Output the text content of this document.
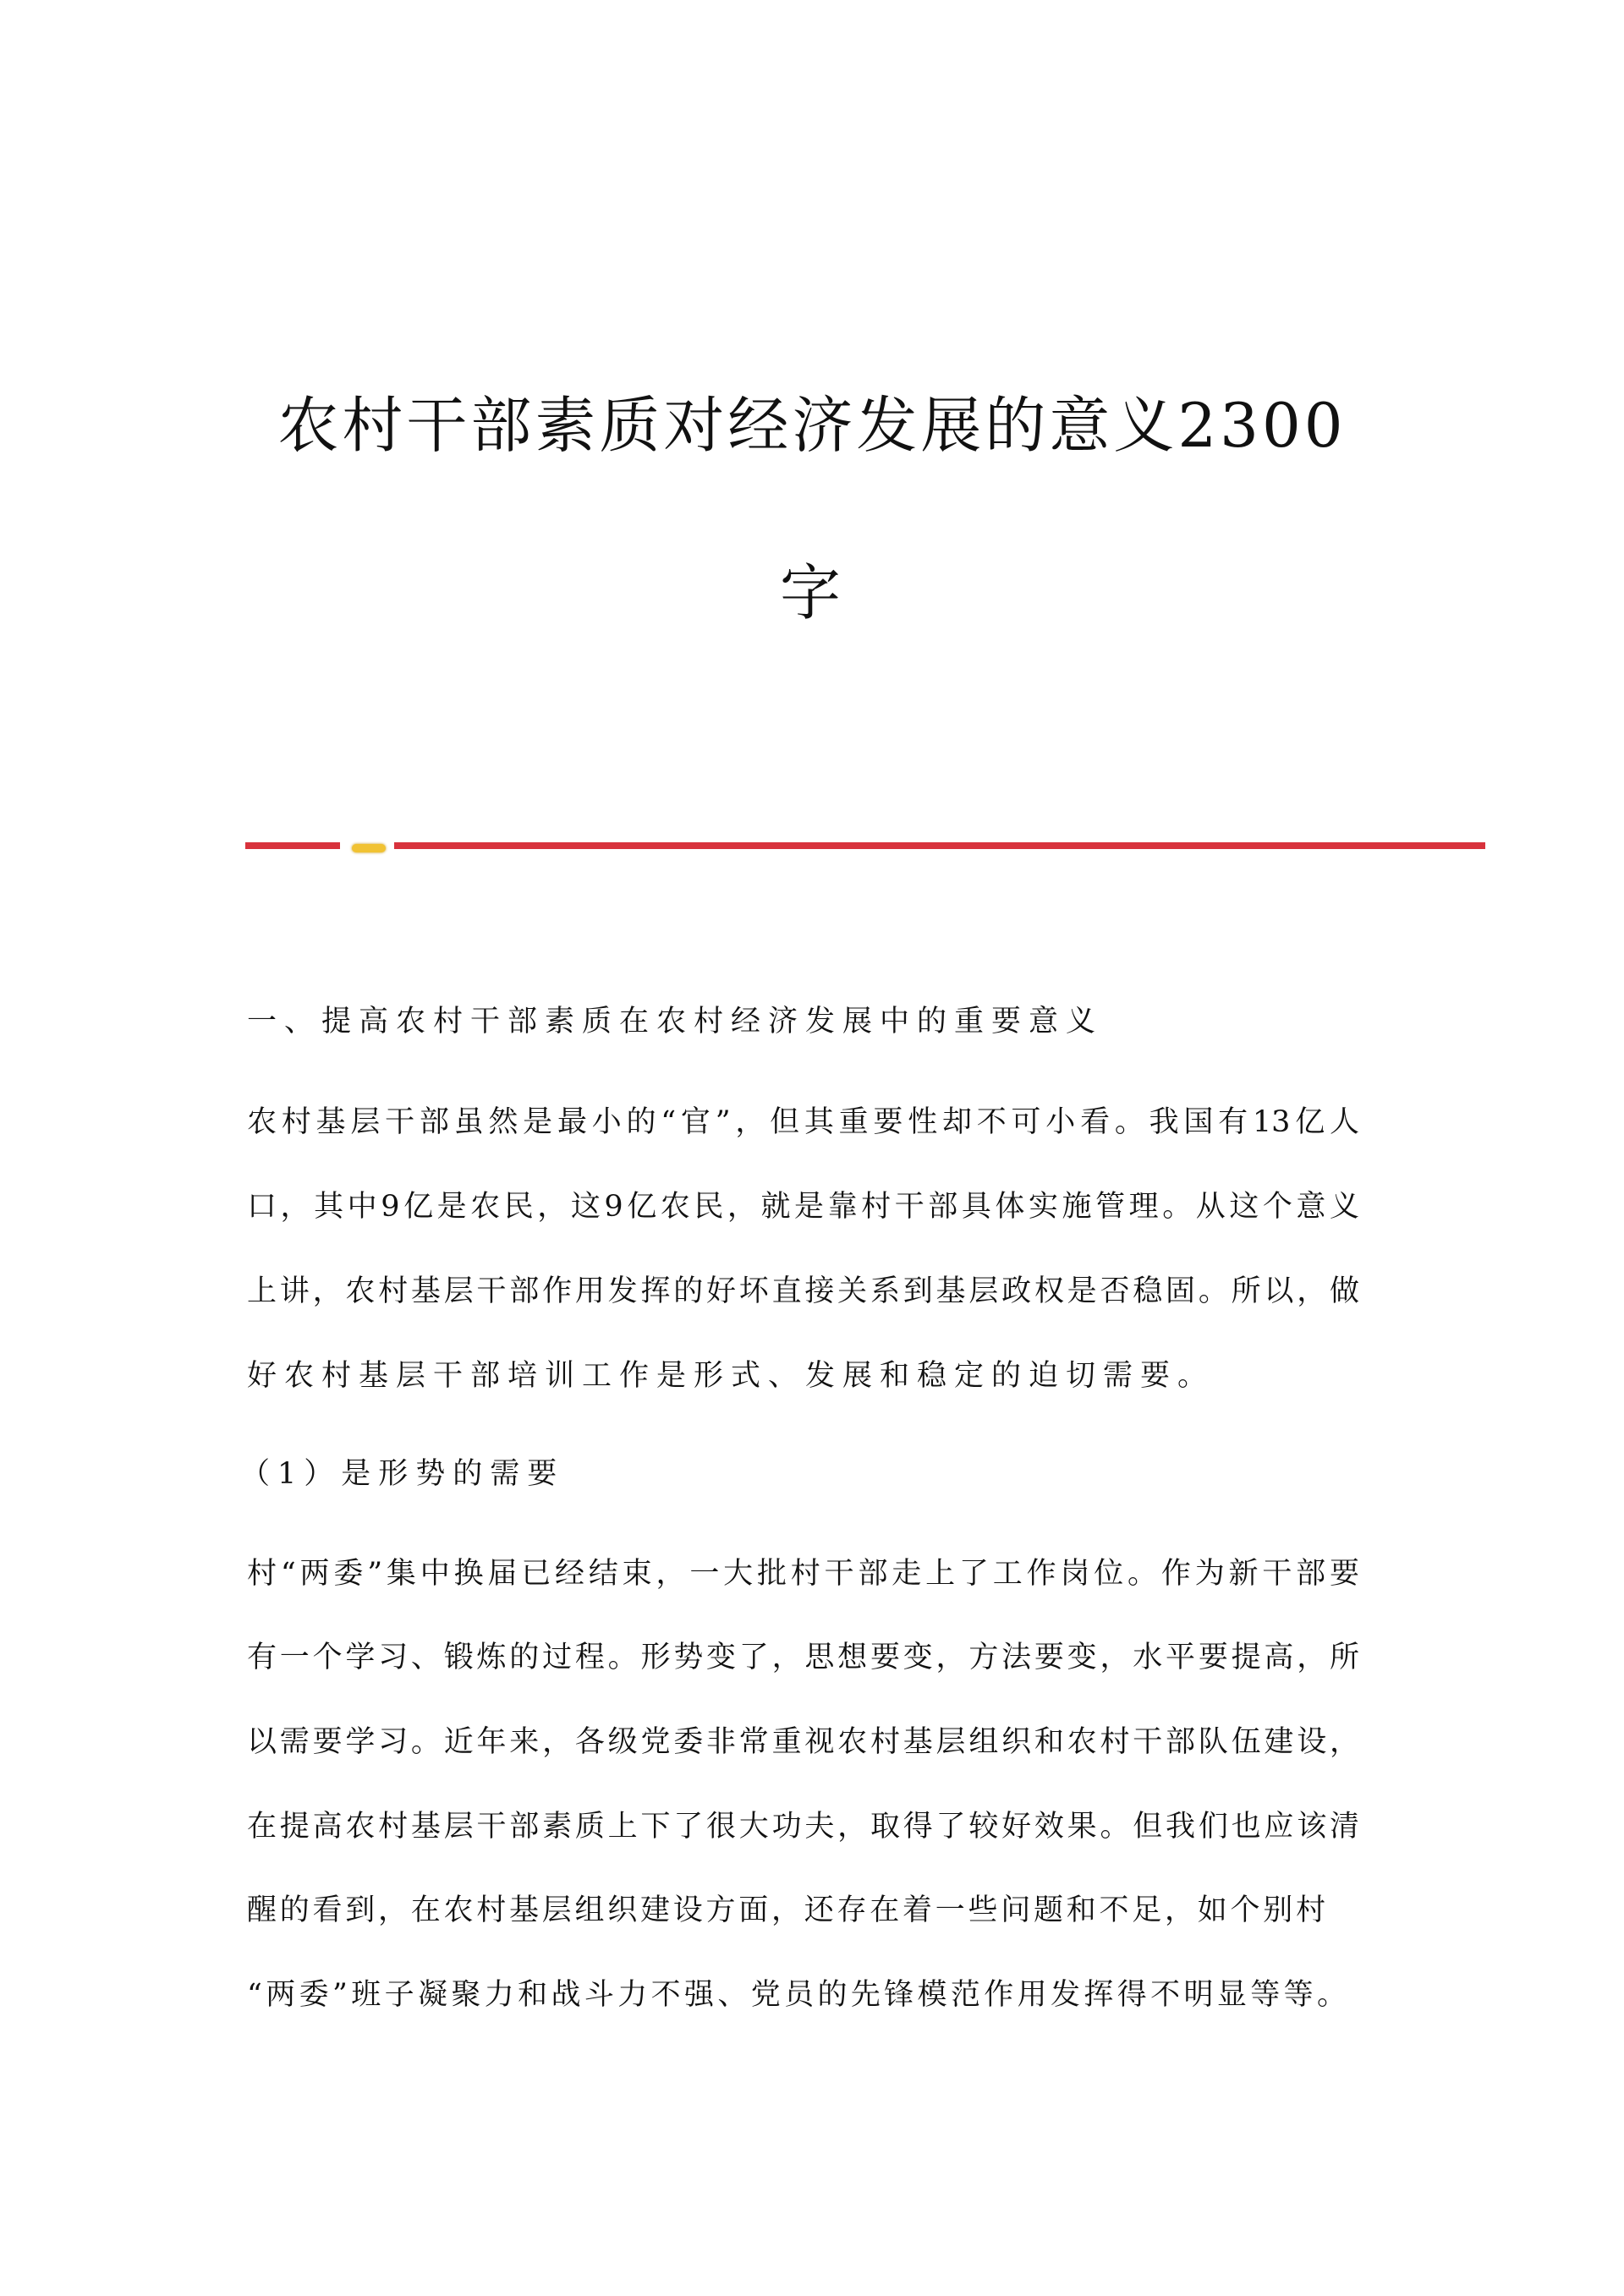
农村干部素质对经济发展的意义2300
字
一、提高农村干部素质在农村经济发展中的重要意义
农村基层干部虽然是最小的“官”，但其重要性却不可小看。我国有13亿人
口，其中9亿是农民，这9亿农民，就是靠村干部具体实施管理。从这个意义
上讲，农村基层干部作用发挥的好坏直接关系到基层政权是否稳固。所以，做
好农村基层干部培训工作是形式、发展和稳定的迫切需要。
（1）是形势的需要
村“两委”集中换届已经结束，一大批村干部走上了工作岗位。作为新干部要
有一个学习、锻炼的过程。形势变了，思想要变，方法要变，水平要提高，所
以需要学习。近年来，各级党委非常重视农村基层组织和农村干部队伍建设，
在提高农村基层干部素质上下了很大功夫，取得了较好效果。但我们也应该清
醒的看到，在农村基层组织建设方面，还存在着一些问题和不足，如个别村
“两委”班子凝聚力和战斗力不强、党员的先锋模范作用发挥得不明显等等。
